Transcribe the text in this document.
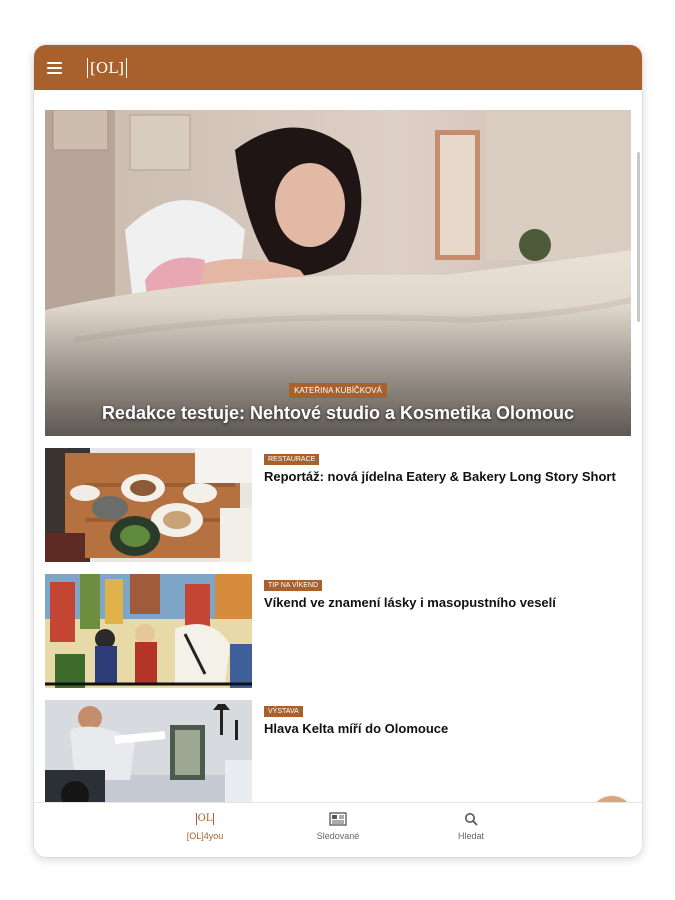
[OL]
KATEŘINA KUBÍČKOVÁ
Redakce testuje: Nehtové studio a Kosmetika Olomouc
RESTAURACE
Reportáž: nová jídelna Eatery & Bakery Long Story Short
TIP NA VÍKEND
Víkend ve znamení lásky i masopustního veselí
VÝSTAVA
Hlava Kelta míří do Olomouce
OL
[OL]4you	Sledované	Hledat
